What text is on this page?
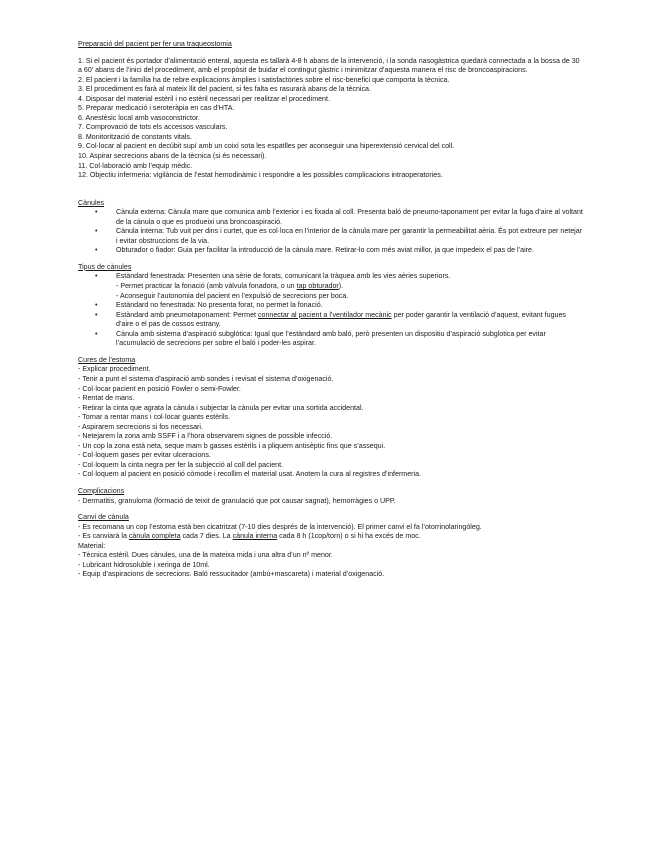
Preparació del pacient per fer una traqueostomia

1. Si el pacient és portador d’alimentació enteral, aquesta es tallarà 4-8 h abans de la intervenció, i la sonda nasogàstrica quedarà connectada a la bossa de 30 a 60’ abans de l’inici del procediment, amb el propòsit de buidar el contingut gàstric i minimitzar d’aquesta manera el risc de broncoaspiracions.

2. El pacient i la família ha de rebre explicacions àmplies i satisfactòries sobre el risc-benefici que comporta la tècnica.

3. El procediment es farà al mateix llit del pacient, si fes falta es rasurarà abans de la tècnica.

4. Disposar del material estèril i no estèril necessari per realitzar el procediment.

5. Preparar medicació i seroteràpia en cas d’HTA.

6. Anestèsic local amb vasoconstrictor.

7. Comprovació de tots els accessos vasculars.

8. Monitorització de constants vitals.

9. Col·locar al pacient en decúbit supí amb un coixí sota les espatlles per aconseguir una hiperextensió cervical del coll.

10. Aspirar secrecions abans de la tècnica (si és necessari).

11. Col·laboració amb l’equip mèdic.

12. Objectiu infermeria: vigilància de l’estat hemodinàmic i respondre a les possibles complicacions intraoperatories.

Cànules

• Cànula externa: Cànula mare que comunica amb l’exterior i es fixada al coll. Presenta baló de pneumo-taponament per evitar la fuga d’aire al voltant de la cànula o que es produeixi una broncoaspiració.
• Cànula interna: Tub vuit per dins i curtet, que es col·loca en l’interior de la cànula mare per garantir la permeabilitat aèria. És pot extreure per netejar i evitar obstruccions de la via.
• Obturador o fiador: Guia per facilitar la introducció de la cànula mare. Retirar-lo com més aviat millor, ja que impedeix el pas de l’aire.

Tipus de cànules

• Estàndard fenestrada: Presenten una sèrie de forats, comunicant la tràquea amb les vies aèries superiors.
- Permet practicar la fonació (amb vàlvula fonadora, o un tap obturador).
- Aconseguir l’autonomia del pacient en l’expulsió de secrecions per boca.
• Estàndard no fenestrada: No presenta forat, no permet la fonació.
• Estàndard amb pneumotaponament: Permet connectar al pacient a l’ventilador mecànic per poder garantir la ventilació d’aquest, evitant fugues d’aire o el pas de cossos estrany.
• Cànula amb sistema d’aspiració subglòtica: Igual que l’estàndard amb baló, però presenten un dispositiu d’aspiració subglotica per evitar l’acumulació de secrecions per sobre el baló i poder-les aspirar.

Cures de l’estoma

- Explicar procediment.

- Tenir a punt el sistema d’aspiració amb sondes i revisat el sistema d’oxigenació.

- Col·locar pacient en posició Fowler o semi-Fowler.

- Rentat de mans.

- Retirar la cinta que agrata la cànula i subjectar la cànula per evitar una sortida accidental.

- Tornar a rentar mans i col·locar guants estèrils.

- Aspirarem secrecions si fos necessari.

- Netejarem la zona amb SSFF i a l’hora observarem signes de possible infecció.

- Un cop la zona està neta, seque mam b gasses estèrils i a pliquem antisèptic fins que s’assequi.

- Col·loquem gases per evitar ulceracions.

- Col·loquem la cinta negra per fer la subjecció al coll del pacient.

- Col·loquem al pacient en posició còmode i recollim el material usat. Anotem la cura al registres d’infermeria.

Complicacions

- Dermatitis, granuloma (formació de teixit de granulació que pot causar sagnat), hemorràgies o UPP.

Canvi de cànula

- Es recomana un cop l’estoma està ben cicatritzat (7-10 dies després de la intervenció). El primer canvi el fa l’otorrinolaringòleg.

- Es canviarà la cànula completa cada 7 dies. La cànula interna cada 8 h (1cop/torn) o si hi ha excés de moc.

Material:

- Tècnica estèril. Dues cànules, una de la mateixa mida i una altra d’un nº menor.

- Lubricant hidrosoluble i xeringa de 10ml.

- Equip d’aspiracions de secrecions. Baló ressucitador (ambú+mascareta) i material d’oxigenació.
